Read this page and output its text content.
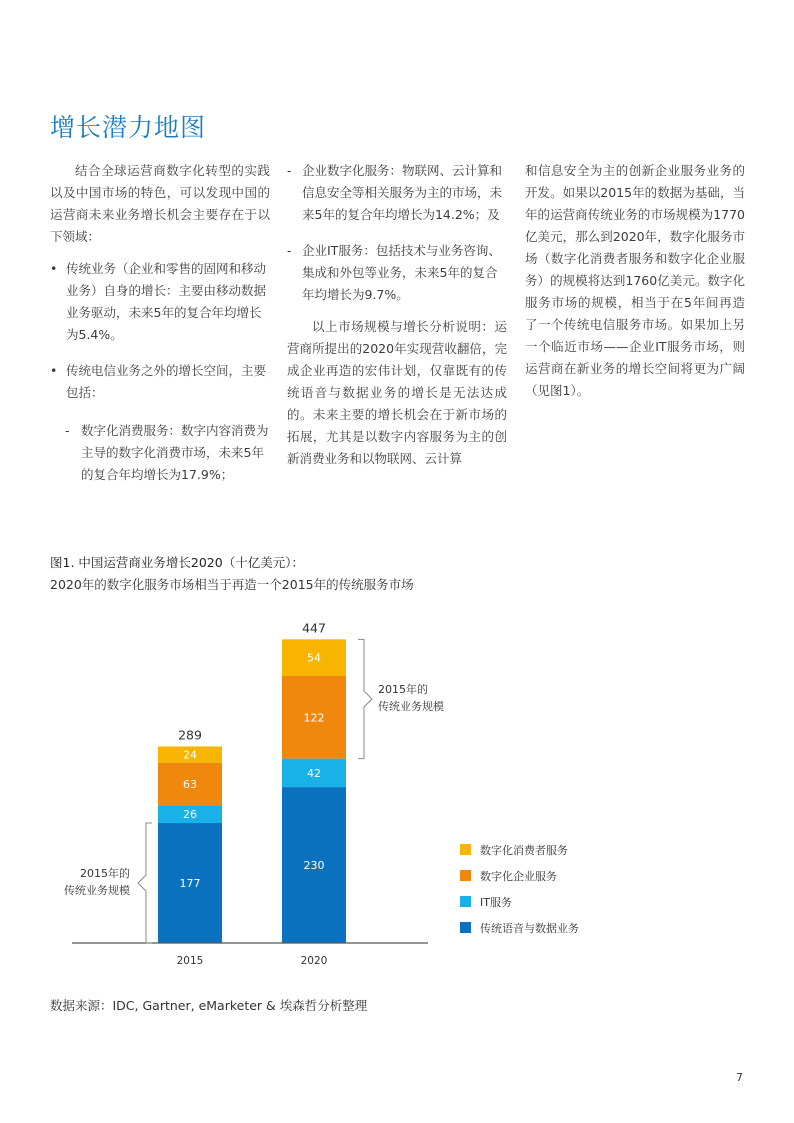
增长潜力地图

结合全球运营商数字化转型的实践以及中国市场的特色，可以发现中国的运营商未来业务增长机会主要存在于以下领域：

• 传统业务（企业和零售的固网和移动业务）自身的增长：主要由移动数据业务驱动，未来5年的复合年均增长为5.4%。
• 传统电信业务之外的增长空间，主要包括：
- 数字化消费服务：数字内容消费为主导的数字化消费市场，未来5年的复合年均增长为17.9%；
- 企业数字化服务：物联网、云计算和信息安全等相关服务为主的市场，未来5年的复合年均增长为14.2%；及
- 企业IT服务：包括技术与业务咨询、集成和外包等业务，未来5年的复合年均增长为9.7%。

以上市场规模与增长分析说明：运营商所提出的2020年实现营收翻倍，完成企业再造的宏伟计划，仅靠既有的传统语音与数据业务的增长是无法达成的。未来主要的增长机会在于新市场的拓展，尤其是以数字内容服务为主的创新消费业务和以物联网、云计算

和信息安全为主的创新企业服务业务的开发。如果以2015年的数据为基础，当年的运营商传统业务的市场规模为1770亿美元，那么到2020年，数字化服务市场（数字化消费者服务和数字化企业服务）的规模将达到1760亿美元。数字化服务市场的规模，相当于在5年间再造了一个传统电信服务市场。如果加上另一个临近市场——企业IT服务市场，则运营商在新业务的增长空间将更为广阔（见图1）。

图1. 中国运营商业务增长2020（十亿美元）：
2020年的数字化服务市场相当于再造一个2015年的传统服务市场
177
26
63
24
289
2015
230
42
122
54
447
2020
2015年的
传统业务规模
2015年的
传统业务规模
数字化消费者服务
数字化企业服务
IT服务
传统语音与数据业务
数据来源：IDC, Gartner, eMarketer & 埃森哲分析整理
7
